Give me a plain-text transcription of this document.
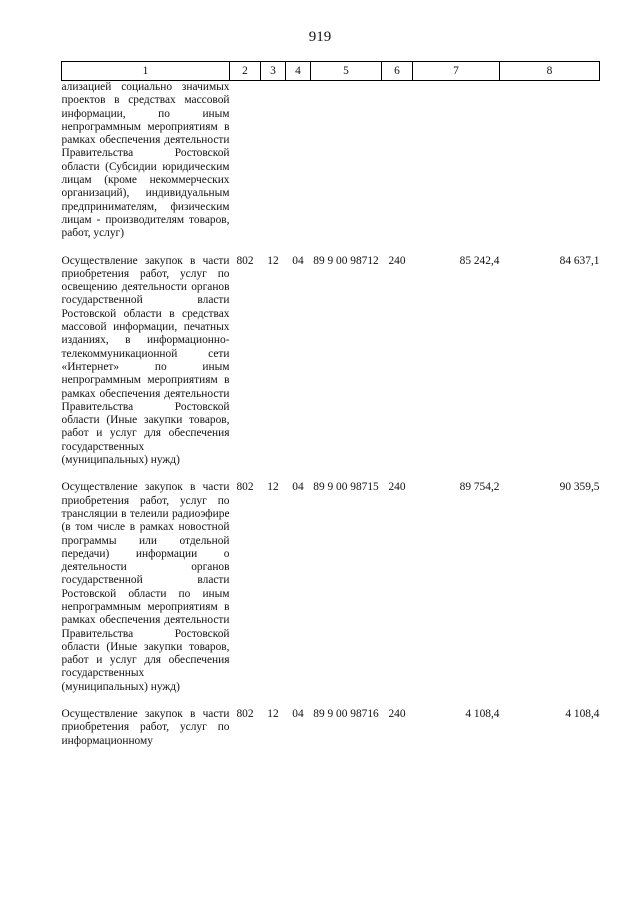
919
1	2	3	4	5	6	7	8
ализацией социально значимых проектов в средствах массовой информации, по иным непрограммным мероприятиям в рамках обеспечения деятельности Правительства Ростовской области (Субсидии юридическим лицам (кроме некоммерческих организаций), индивидуальным предпринимателям, физическим лицам - производителям товаров, работ, услуг)							

Осуществление закупок в части приобретения работ, услуг по освещению деятельности органов государственной власти Ростовской области в средствах массовой информации, печатных изданиях, в информационно-телекоммуникационной сети «Интернет» по иным непрограммным мероприятиям в рамках обеспечения деятельности Правительства Ростовской области (Иные закупки товаров, работ и услуг для обеспечения государственных (муниципальных) нужд)	802	12	04	89 9 00 98712	240	85 242,4	84 637,1

Осуществление закупок в части приобретения работ, услуг по трансляции в телеили радиоэфире (в том числе в рамках новостной программы или отдельной передачи) информации о деятельности органов государственной власти Ростовской области по иным непрограммным мероприятиям в рамках обеспечения деятельности Правительства Ростовской области (Иные закупки товаров, работ и услуг для обеспечения государственных (муниципальных) нужд)	802	12	04	89 9 00 98715	240	89 754,2	90 359,5

Осуществление закупок в части приобретения работ, услуг по информационному	802	12	04	89 9 00 98716	240	4 108,4	4 108,4
